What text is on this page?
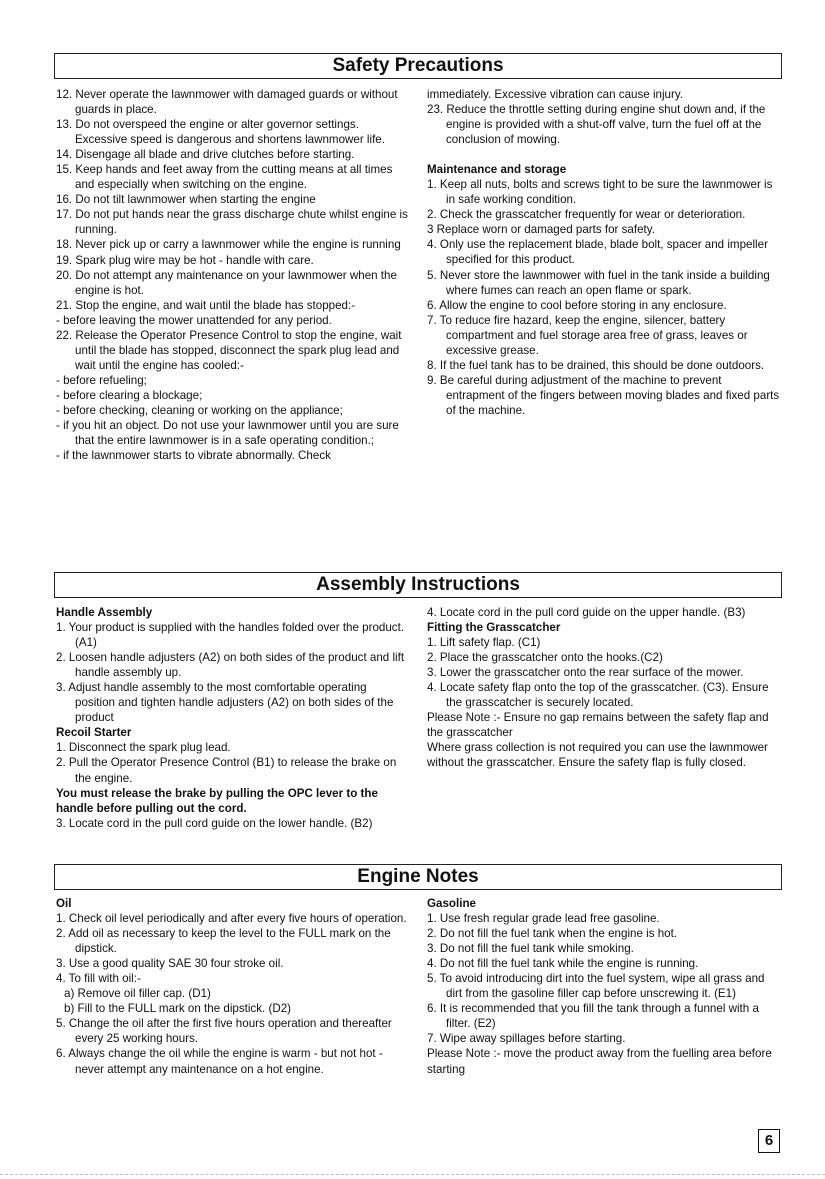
Safety Precautions

12. Never operate the lawnmower with damaged guards or without guards in place.

13. Do not overspeed the engine or alter governor settings. Excessive speed is dangerous and shortens lawnmower life.

14. Disengage all blade and drive clutches before starting.

15. Keep hands and feet away from the cutting means at all times and especially when switching on the engine.

16. Do not tilt lawnmower when starting the engine

17. Do not put hands near the grass discharge chute whilst engine is running.

18. Never pick up or carry a lawnmower while the engine is running

19. Spark plug wire may be hot - handle with care.

20. Do not attempt any maintenance on your lawnmower when the engine is hot.

21. Stop the engine, and wait until the blade has stopped:-

- before leaving the mower unattended for any period.

22. Release the Operator Presence Control to stop the engine, wait until the blade has stopped, disconnect the spark plug lead and wait until the engine has cooled:-

- before refueling;

- before clearing a blockage;

- before checking, cleaning or working on the appliance;

- if you hit an object. Do not use your lawnmower until you are sure that the entire lawnmower is in a safe operating condition.;

- if the lawnmower starts to vibrate abnormally. Check

immediately. Excessive vibration can cause injury.

23. Reduce the throttle setting during engine shut down and, if the engine is provided with a shut-off valve, turn the fuel off at the conclusion of mowing.

Maintenance and storage

1. Keep all nuts, bolts and screws tight to be sure the lawnmower is in safe working condition.

2. Check the grasscatcher frequently for wear or deterioration.

3 Replace worn or damaged parts for safety.

4. Only use the replacement blade, blade bolt, spacer and impeller specified for this product.

5. Never store the lawnmower with fuel in the tank inside a building where fumes can reach an open flame or spark.

6. Allow the engine to cool before storing in any enclosure.

7. To reduce fire hazard, keep the engine, silencer, battery compartment and fuel storage area free of grass, leaves or excessive grease.

8. If the fuel tank has to be drained, this should be done outdoors.

9. Be careful during adjustment of the machine to prevent entrapment of the fingers between moving blades and fixed parts of the machine.

Assembly Instructions

Handle Assembly

1. Your product is supplied with the handles folded over the product. (A1)

2. Loosen handle adjusters (A2) on both sides of the product and lift handle assembly up.

3. Adjust handle assembly to the most comfortable operating position and tighten handle adjusters (A2) on both sides of the product

Recoil Starter

1. Disconnect the spark plug lead.

2. Pull the Operator Presence Control (B1) to release the brake on the engine.

You must release the brake by pulling the OPC lever to the handle before pulling out the cord.

3. Locate cord in the pull cord guide on the lower handle. (B2)

4. Locate cord in the pull cord guide on the upper handle. (B3)

Fitting the Grasscatcher

1. Lift safety flap. (C1)

2. Place the grasscatcher onto the hooks.(C2)

3. Lower the grasscatcher onto the rear surface of the mower.

4. Locate safety flap onto the top of the grasscatcher. (C3). Ensure the grasscatcher is securely located.

Please Note :- Ensure no gap remains between the safety flap and the grasscatcher

Where grass collection is not required you can use the lawnmower without the grasscatcher. Ensure the safety flap is fully closed.

Engine Notes

Oil

1. Check oil level periodically and after every five hours of operation.

2. Add oil as necessary to keep the level to the FULL mark on the dipstick.

3. Use a good quality SAE 30 four stroke oil.

4. To fill with oil:-

a) Remove oil filler cap. (D1)

b) Fill to the FULL mark on the dipstick. (D2)

5. Change the oil after the first five hours operation and thereafter every 25 working hours.

6. Always change the oil while the engine is warm - but not hot - never attempt any maintenance on a hot engine.

Gasoline

1. Use fresh regular grade lead free gasoline.

2. Do not fill the fuel tank when the engine is hot.

3. Do not fill the fuel tank while smoking.

4. Do not fill the fuel tank while the engine is running.

5. To avoid introducing dirt into the fuel system, wipe all grass and dirt from the gasoline filler cap before unscrewing it. (E1)

6. It is recommended that you fill the tank through a funnel with a filter. (E2)

7. Wipe away spillages before starting.

Please Note :- move the product away from the fuelling area before starting

6
